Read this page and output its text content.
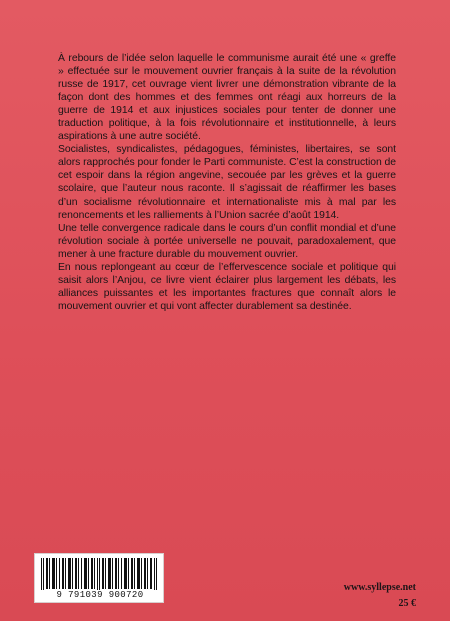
À rebours de l’idée selon laquelle le communisme aurait été une « greffe » effectuée sur le mouvement ouvrier français à la suite de la révolution russe de 1917, cet ouvrage vient livrer une démonstration vibrante de la façon dont des hommes et des femmes ont réagi aux horreurs de la guerre de 1914 et aux injustices sociales pour tenter de donner une traduction politique, à la fois révolutionnaire et institutionnelle, à leurs aspirations à une autre société.

Socialistes, syndicalistes, pédagogues, féministes, libertaires, se sont alors rapprochés pour fonder le Parti communiste. C’est la construction de cet espoir dans la région angevine, secouée par les grèves et la guerre scolaire, que l’auteur nous raconte. Il s’agissait de réaffirmer les bases d’un socialisme révolutionnaire et internationaliste mis à mal par les renoncements et les ralliements à l’Union sacrée d’août 1914.

Une telle convergence radicale dans le cours d’un conflit mondial et d’une révolution sociale à portée universelle ne pouvait, paradoxalement, que mener à une fracture durable du mouvement ouvrier.

En nous replongeant au cœur de l’effervescence sociale et politique qui saisit alors l’Anjou, ce livre vient éclairer plus largement les débats, les alliances puissantes et les importantes fractures que connaît alors le mouvement ouvrier et qui vont affecter durablement sa destinée.

9 791039 900720
www.syllepse.net
25 €
